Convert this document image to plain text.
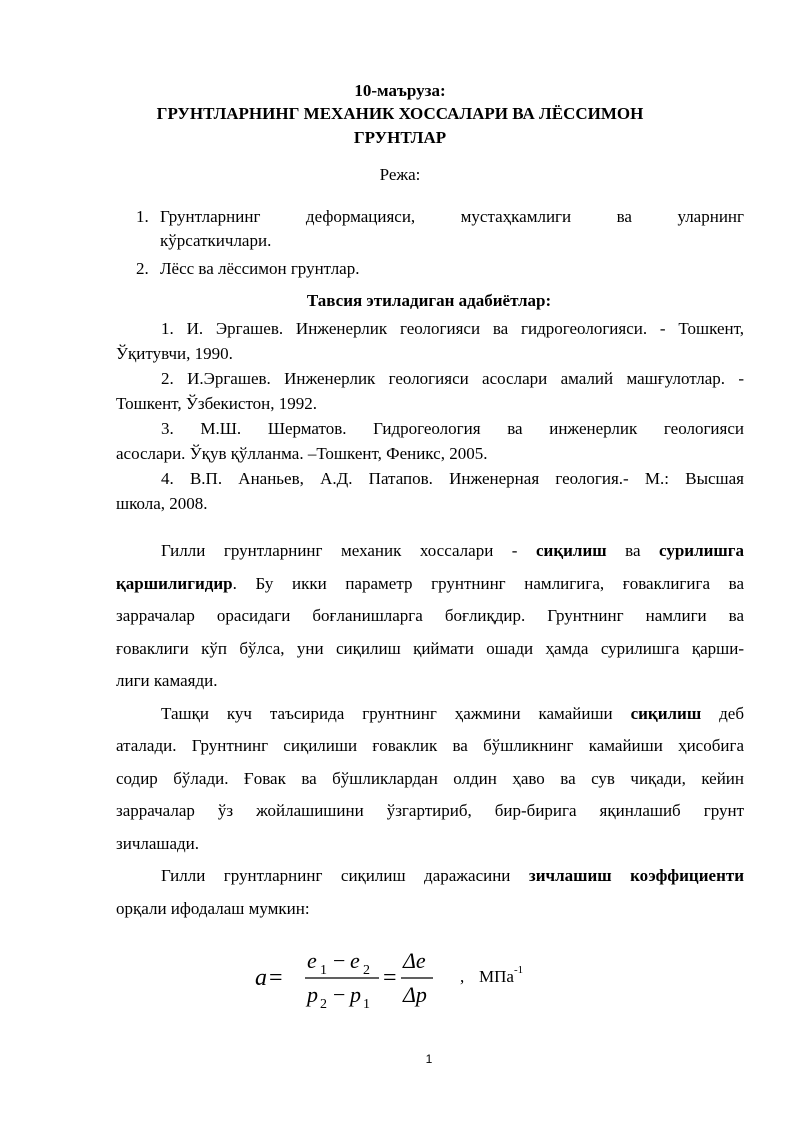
10-маърузa:
ГРУНТЛАРНИНГ МЕХАНИК ХОССАЛАРИ ВА ЛЁССИМОН
ГРУНТЛАР
Режа:
1. Грунтларнинг деформацияси, мустаҳкамлиги ва уларнинг
кўрсаткичлари.
2. Лёсс ва лёссимон грунтлар.
Тавсия этиладиган адабиётлар:
1. И. Эргашев. Инженерлик геологияси ва гидрогеологияси. - Тошкент,
Ўқитувчи, 1990.
2. И.Эргашев. Инженерлик геологияси асослари амалий машғулотлар. -
Тошкент, Ўзбекистон, 1992.
3. М.Ш. Шерматов. Гидрогеология ва инженерлик геологияси
асослари. Ўқув қўлланма. –Тошкент, Феникс, 2005.
4. В.П. Ананьев, А.Д. Патапов. Инженерная геология.- М.: Высшая
школа, 2008.
Гилли грунтларнинг механик хоссалари - сиқилиш ва сурилишга
қаршилигидир. Бу икки параметр грунтнинг намлигига, ғоваклигига ва
заррачалар орасидаги боғланишларга боғлиқдир. Грунтнинг намлиги ва
ғоваклиги кўп бўлса, уни сиқилиш қиймати ошади ҳамда сурилишга қарши-
лиги камаяди.
Ташқи куч таъсирида грунтнинг ҳажмини камайиши сиқилиш деб
аталади. Грунтнинг сиқилиши ғоваклик ва бўшликнинг камайиши ҳисобига
содир бўлади. Ғовак ва бўшликлардан олдин ҳаво ва сув чиқади, кейин
заррачалар ўз жойлашишини ўзгартириб, бир-бирига яқинлашиб грунт
зичлашади.
Гилли грунтларнинг сиқилиш даражасини зичлашиш коэффициенти
орқали ифодалаш мумкин:
a =
e 1 − e 2
p 2 − p 1
=
Δe
Δp
, МПа -1
1
